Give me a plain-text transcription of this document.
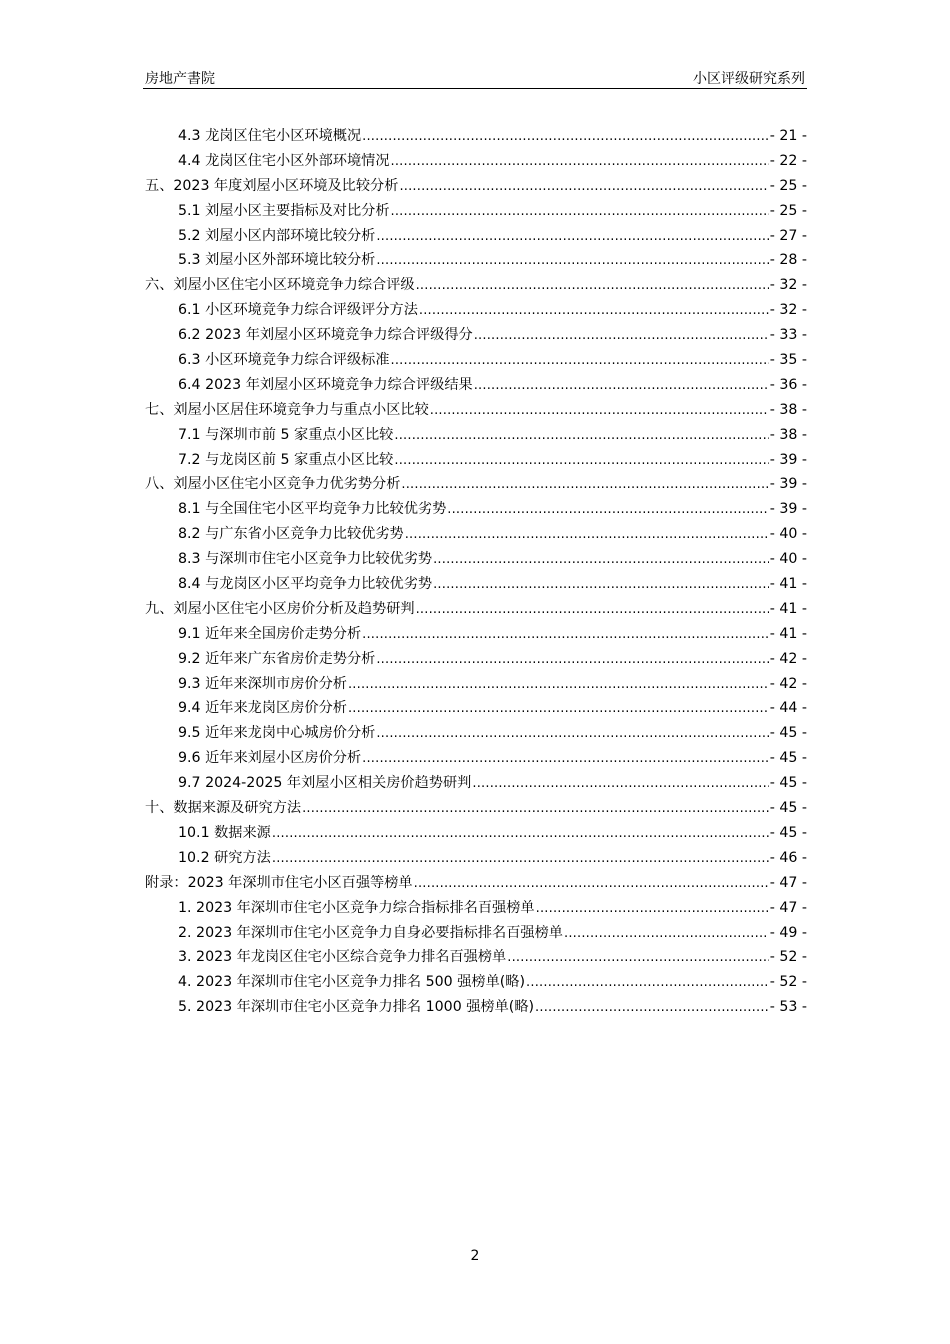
房地产書院	小区评级研究系列
4.3 龙岗区住宅小区环境概况 .....	- 21 -
4.4 龙岗区住宅小区外部环境情况 .....	- 22 -
五、2023 年度刘屋小区环境及比较分析 .....	- 25 -
5.1 刘屋小区主要指标及对比分析 .....	- 25 -
5.2 刘屋小区内部环境比较分析 .....	- 27 -
5.3 刘屋小区外部环境比较分析 .....	- 28 -
六、刘屋小区住宅小区环境竞争力综合评级 .....	- 32 -
6.1 小区环境竞争力综合评级评分方法 .....	- 32 -
6.2 2023 年刘屋小区环境竞争力综合评级得分 .....	- 33 -
6.3 小区环境竞争力综合评级标准 .....	- 35 -
6.4 2023 年刘屋小区环境竞争力综合评级结果 .....	- 36 -
七、刘屋小区居住环境竞争力与重点小区比较 .....	- 38 -
7.1 与深圳市前 5 家重点小区比较 .....	- 38 -
7.2 与龙岗区前 5 家重点小区比较 .....	- 39 -
八、刘屋小区住宅小区竞争力优劣势分析 .....	- 39 -
8.1 与全国住宅小区平均竞争力比较优劣势 .....	- 39 -
8.2 与广东省小区竞争力比较优劣势 .....	- 40 -
8.3 与深圳市住宅小区竞争力比较优劣势 .....	- 40 -
8.4 与龙岗区小区平均竞争力比较优劣势 .....	- 41 -
九、刘屋小区住宅小区房价分析及趋势研判 .....	- 41 -
9.1 近年来全国房价走势分析 .....	- 41 -
9.2 近年来广东省房价走势分析 .....	- 42 -
9.3 近年来深圳市房价分析 .....	- 42 -
9.4 近年来龙岗区房价分析 .....	- 44 -
9.5 近年来龙岗中心城房价分析 .....	- 45 -
9.6 近年来刘屋小区房价分析 .....	- 45 -
9.7 2024-2025 年刘屋小区相关房价趋势研判 .....	- 45 -
十、数据来源及研究方法 .....	- 45 -
10.1 数据来源 .....	- 45 -
10.2 研究方法 .....	- 46 -
附录：2023 年深圳市住宅小区百强等榜单 .....	- 47 -
1. 2023 年深圳市住宅小区竞争力综合指标排名百强榜单 .....	- 47 -
2. 2023 年深圳市住宅小区竞争力自身必要指标排名百强榜单 .....	- 49 -
3. 2023 年龙岗区住宅小区综合竞争力排名百强榜单 .....	- 52 -
4. 2023 年深圳市住宅小区竞争力排名 500 强榜单(略) .....	- 52 -
5. 2023 年深圳市住宅小区竞争力排名 1000 强榜单(略) .....	- 53 -
2
